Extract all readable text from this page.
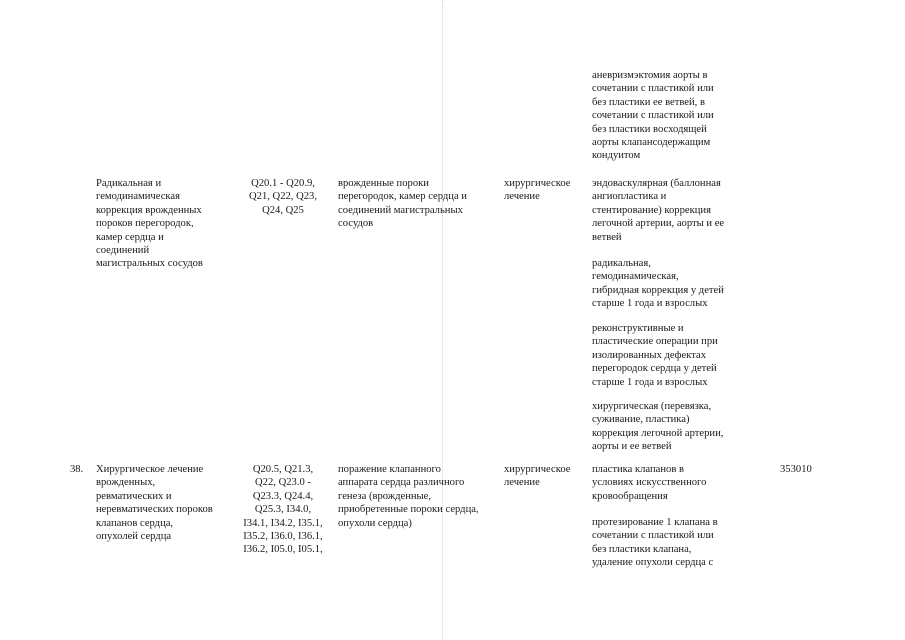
аневризмэктомия аорты в
сочетании с пластикой или
без пластики ее ветвей, в
сочетании с пластикой или
без пластики восходящей
аорты клапансодержащим
кондуитом

Радикальная и
гемодинамическая
коррекция врожденных
пороков перегородок,
камер сердца и
соединений
магистральных сосудов

Q20.1 - Q20.9,
Q21, Q22, Q23,
Q24, Q25

врожденные пороки
перегородок, камер сердца и
соединений магистральных
сосудов

хирургическое
лечение

эндоваскулярная (баллонная
ангиопластика и
стентирование) коррекция
легочной артерии, аорты и ее
ветвей

радикальная,
гемодинамическая,
гибридная коррекция у детей
старше 1 года и взрослых

реконструктивные и
пластические операции при
изолированных дефектах
перегородок сердца у детей
старше 1 года и взрослых

хирургическая (перевязка,
суживание, пластика)
коррекция легочной артерии,
аорты и ее ветвей

38.	Хирургическое лечение
врожденных,
ревматических и
неревматических пороков
клапанов сердца,
опухолей сердца

Q20.5, Q21.3,
Q22, Q23.0 -
Q23.3, Q24.4,
Q25.3, I34.0,
I34.1, I34.2, I35.1,
I35.2, I36.0, I36.1,
I36.2, I05.0, I05.1,

поражение клапанного
аппарата сердца различного
генеза (врожденные,
приобретенные пороки сердца,
опухоли сердца)

хирургическое
лечение

пластика клапанов в
условиях искусственного
кровообращения

протезирование 1 клапана в
сочетании с пластикой или
без пластики клапана,
удаление опухоли сердца с

353010
